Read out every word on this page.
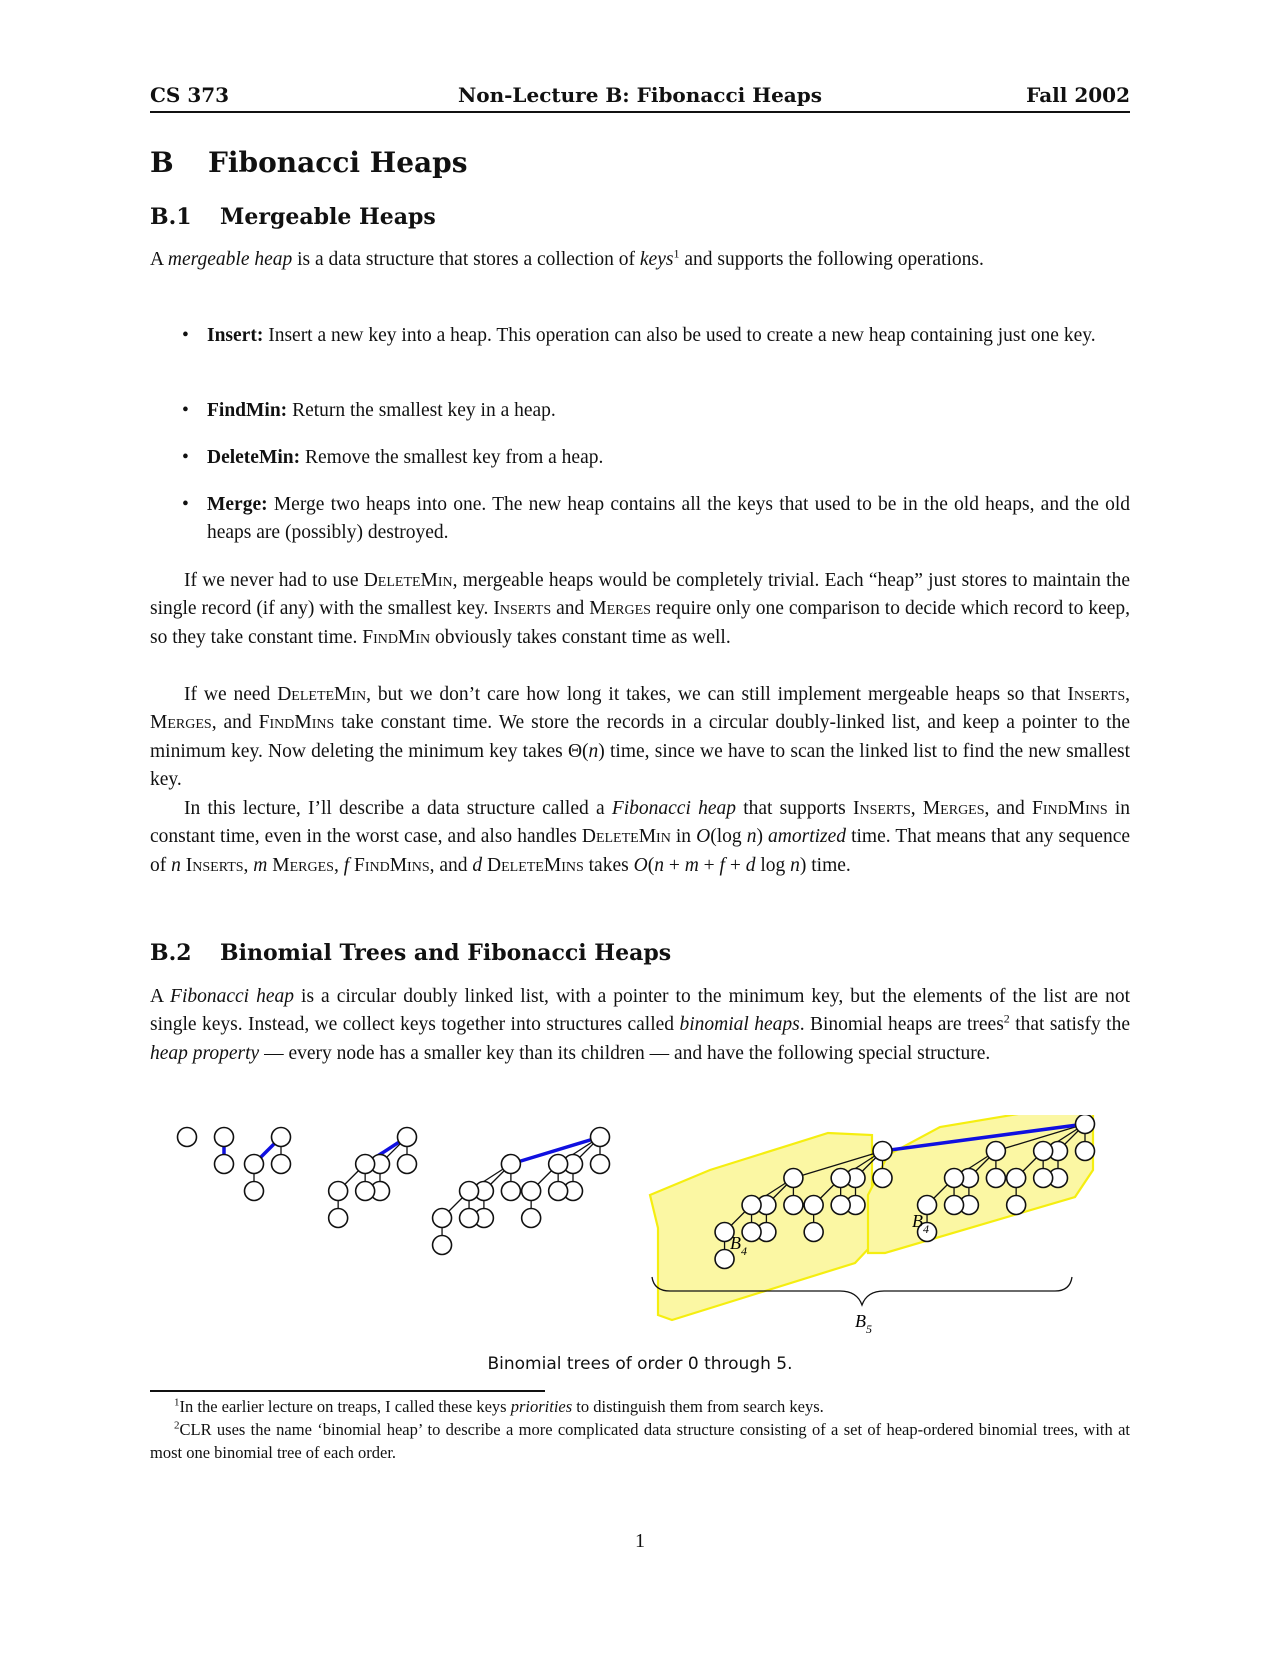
CS 373	Non-Lecture B: Fibonacci Heaps	Fall 2002
B Fibonacci Heaps
B.1 Mergeable Heaps
A mergeable heap is a data structure that stores a collection of keys$^1$ and supports the following operations.
• Insert: Insert a new key into a heap. This operation can also be used to create a new heap containing just one key.
• FindMin: Return the smallest key in a heap.
• DeleteMin: Remove the smallest key from a heap.
• Merge: Merge two heaps into one. The new heap contains all the keys that used to be in the old heaps, and the old heaps are (possibly) destroyed.
If we never had to use DeleteMin, mergeable heaps would be completely trivial. Each “heap” just stores to maintain the single record (if any) with the smallest key. Inserts and Merges require only one comparison to decide which record to keep, so they take constant time. FindMin obviously takes constant time as well.
If we need DeleteMin, but we don’t care how long it takes, we can still implement mergeable heaps so that Inserts, Merges, and FindMins take constant time. We store the records in a circular doubly-linked list, and keep a pointer to the minimum key. Now deleting the minimum key takes Θ(n) time, since we have to scan the linked list to find the new smallest key.
In this lecture, I’ll describe a data structure called a Fibonacci heap that supports Inserts, Merges, and FindMins in constant time, even in the worst case, and also handles DeleteMin in O(log n) amortized time. That means that any sequence of n Inserts, m Merges, f FindMins, and d DeleteMins takes O(n + m + f + d log n) time.
B.2 Binomial Trees and Fibonacci Heaps
A Fibonacci heap is a circular doubly linked list, with a pointer to the minimum key, but the elements of the list are not single keys. Instead, we collect keys together into structures called binomial heaps. Binomial heaps are trees$^2$ that satisfy the heap property — every node has a smaller key than its children — and have the following special structure.
$B_4$
$B_4$
$B_5$
Binomial trees of order 0 through 5.
$^1$In the earlier lecture on treaps, I called these keys priorities to distinguish them from search keys.
$^2$CLR uses the name ‘binomial heap’ to describe a more complicated data structure consisting of a set of heap-ordered binomial trees, with at most one binomial tree of each order.
1
